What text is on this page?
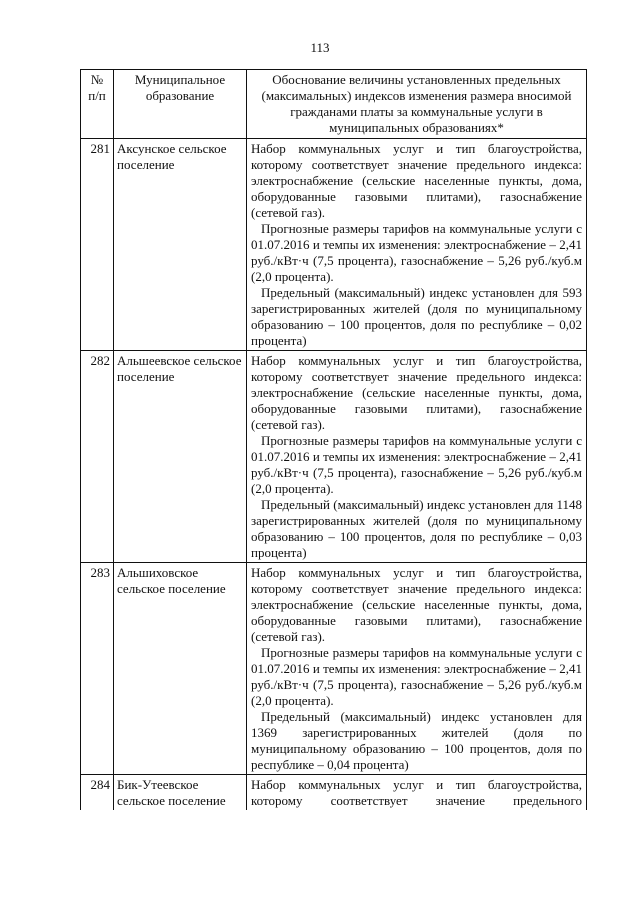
113
№ п/п	Муниципальное образование	Обоснование величины установленных предельных (максимальных) индексов изменения размера вносимой гражданами платы за коммунальные услуги в муниципальных образованиях*
281	Аксунское сельское поселение	Набор коммунальных услуг и тип благоустройства, которому соответствует значение предельного индекса: электроснабжение (сельские населенные пункты, дома, оборудованные газовыми плитами), газоснабжение (сетевой газ).

Прогнозные размеры тарифов на коммунальные услуги с 01.07.2016 и темпы их изменения: электроснабжение – 2,41 руб./кВт·ч (7,5 процента), газоснабжение – 5,26 руб./куб.м (2,0 процента).

Предельный (максимальный) индекс установлен для 593 зарегистрированных жителей (доля по муниципальному образованию – 100 процентов, доля по республике – 0,02 процента)

282	Альшеевское сельское поселение	Набор коммунальных услуг и тип благоустройства, которому соответствует значение предельного индекса: электроснабжение (сельские населенные пункты, дома, оборудованные газовыми плитами), газоснабжение (сетевой газ).

Прогнозные размеры тарифов на коммунальные услуги с 01.07.2016 и темпы их изменения: электроснабжение – 2,41 руб./кВт·ч (7,5 процента), газоснабжение – 5,26 руб./куб.м (2,0 процента).

Предельный (максимальный) индекс установлен для 1148 зарегистрированных жителей (доля по муниципальному образованию – 100 процентов, доля по республике – 0,03 процента)

283	Альшиховское сельское поселение	Набор коммунальных услуг и тип благоустройства, которому соответствует значение предельного индекса: электроснабжение (сельские населенные пункты, дома, оборудованные газовыми плитами), газоснабжение (сетевой газ).

Прогнозные размеры тарифов на коммунальные услуги с 01.07.2016 и темпы их изменения: электроснабжение – 2,41 руб./кВт·ч (7,5 процента), газоснабжение – 5,26 руб./куб.м (2,0 процента).

Предельный (максимальный) индекс установлен для 1369 зарегистрированных жителей (доля по муниципальному образованию – 100 процентов, доля по республике – 0,04 процента)

284	Бик-Утеевское сельское поселение	Набор коммунальных услуг и тип благоустройства, которому соответствует значение предельного
